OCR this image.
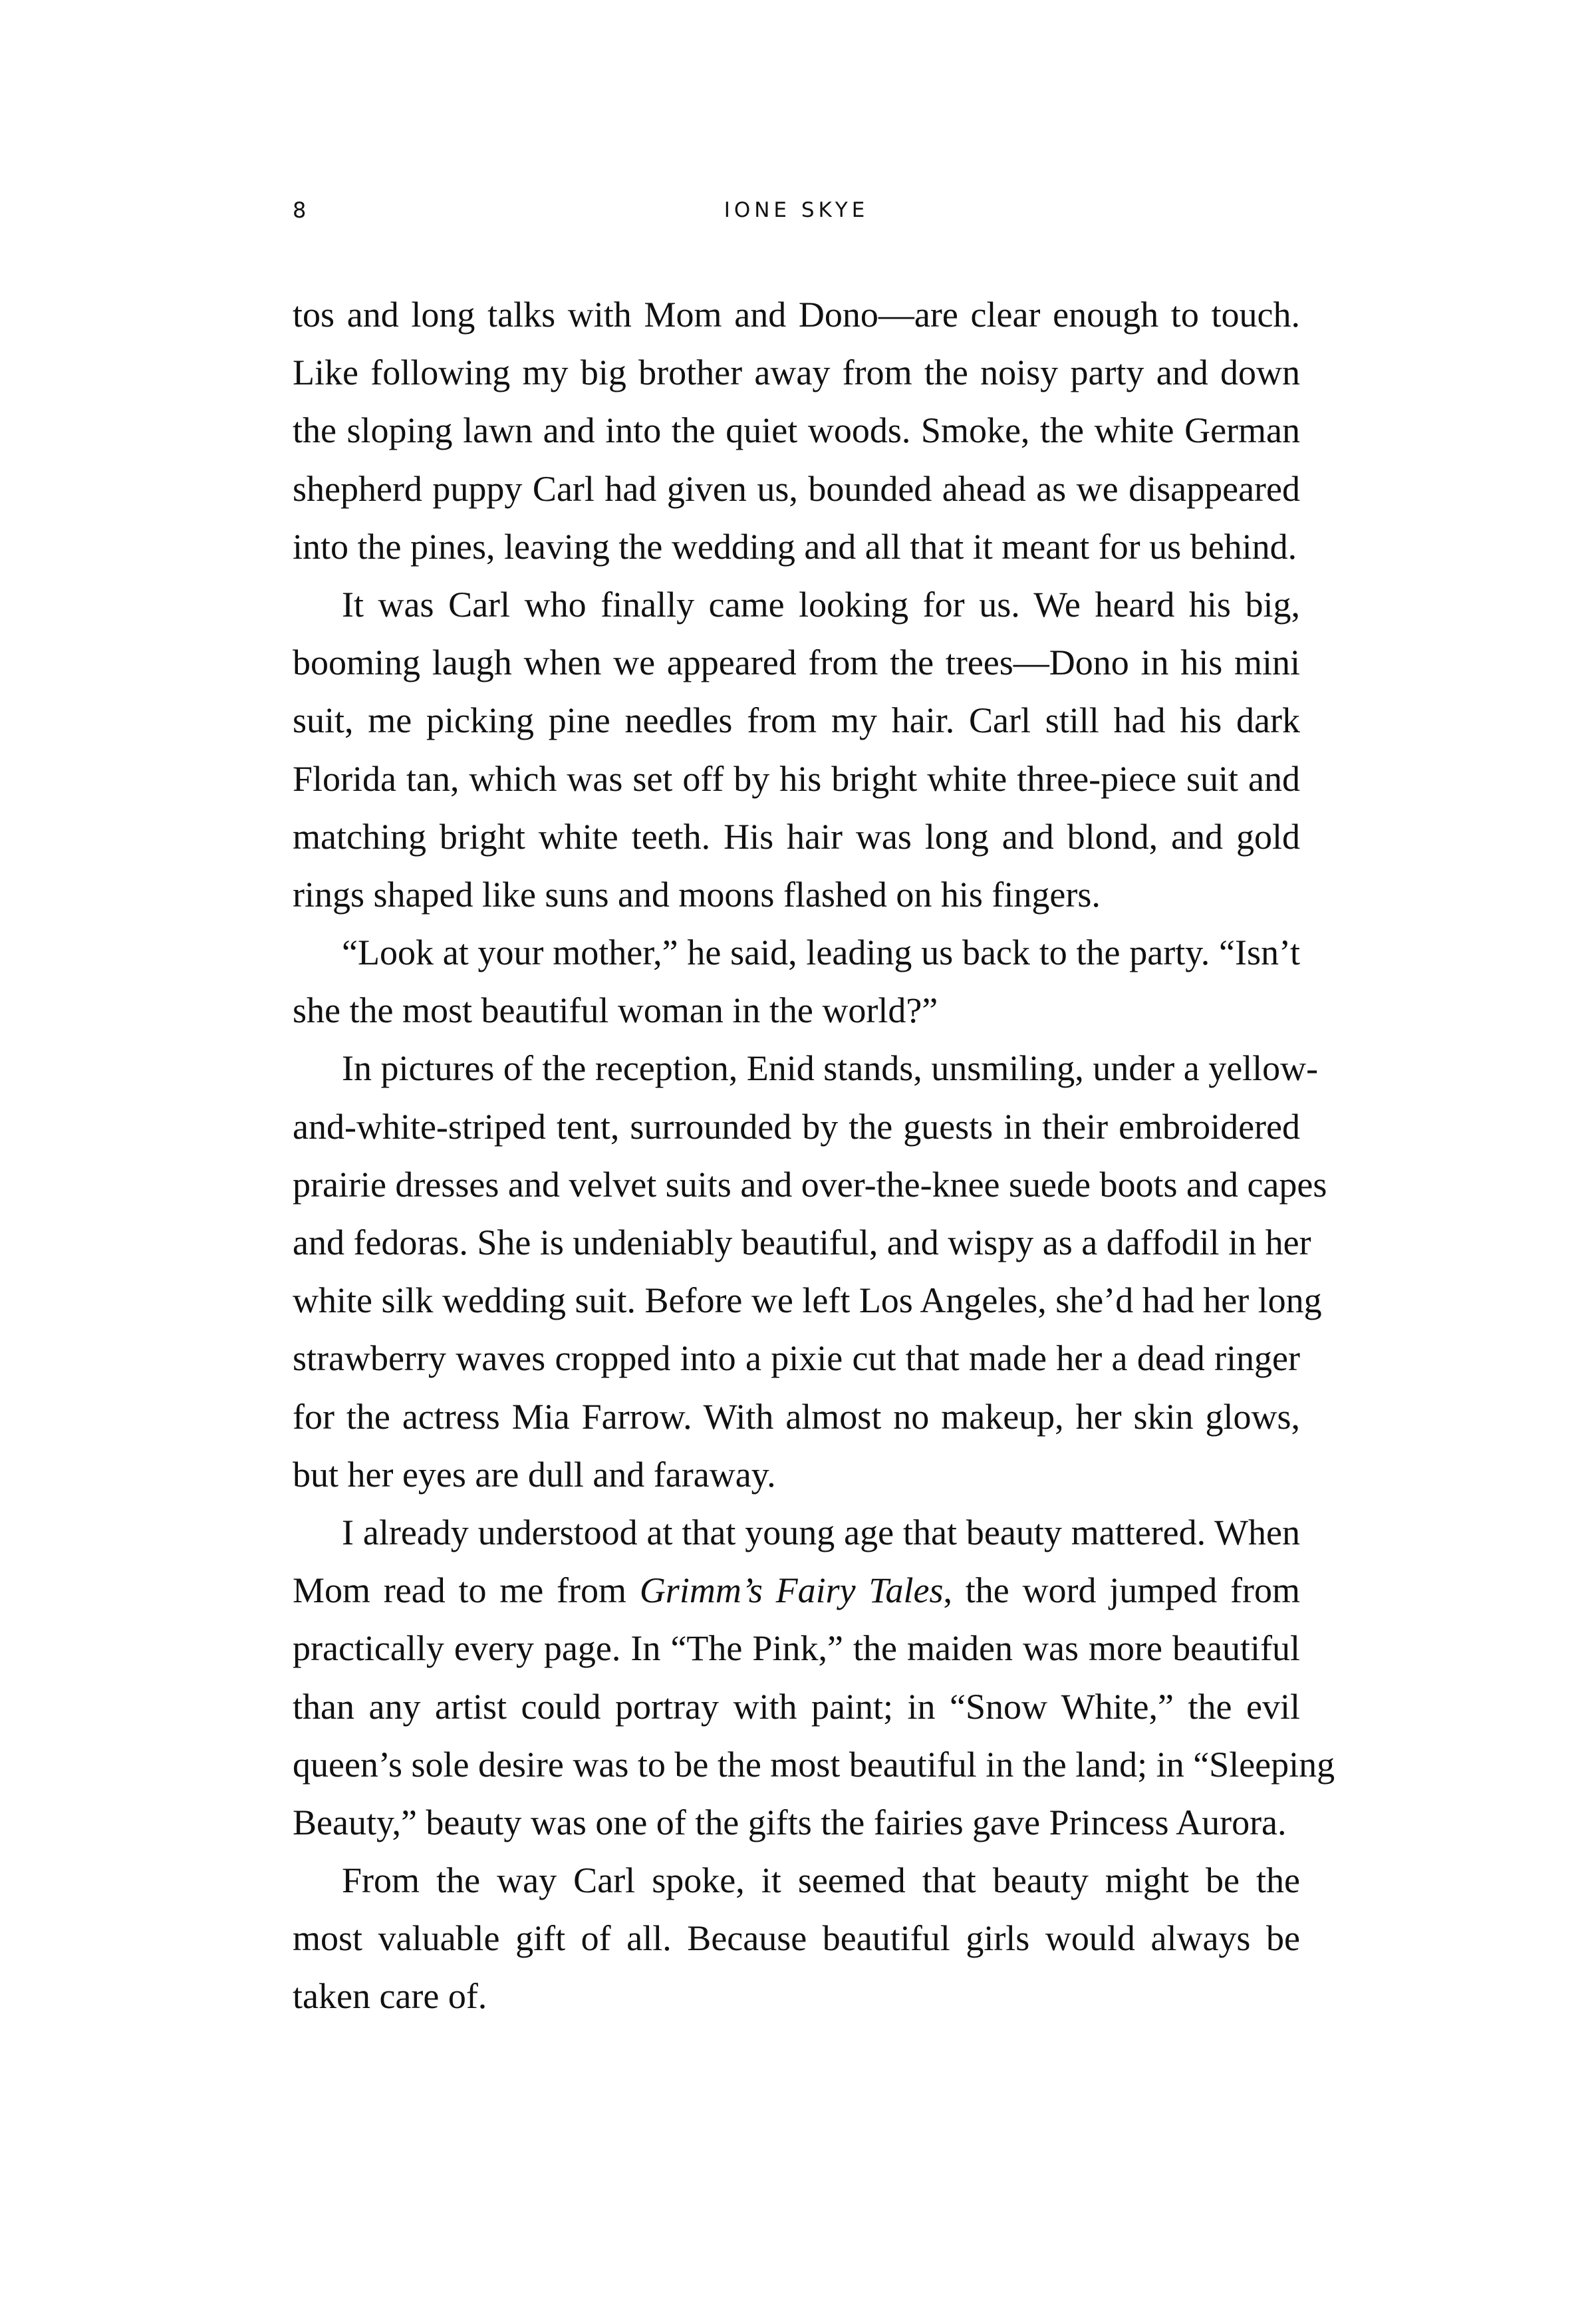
8	IONE SKYE
tos and long talks with Mom and Dono—are clear enough to touch.
Like following my big brother away from the noisy party and down
the sloping lawn and into the quiet woods. Smoke, the white German
shepherd puppy Carl had given us, bounded ahead as we disappeared
into the pines, leaving the wedding and all that it meant for us behind.
It was Carl who finally came looking for us. We heard his big,
booming laugh when we appeared from the trees—Dono in his mini
suit, me picking pine needles from my hair. Carl still had his dark
Florida tan, which was set off by his bright white three-piece suit and
matching bright white teeth. His hair was long and blond, and gold
rings shaped like suns and moons flashed on his fingers.
“Look at your mother,” he said, leading us back to the party. “Isn’t
she the most beautiful woman in the world?”
In pictures of the reception, Enid stands, unsmiling, under a yellow-
and-white-striped tent, surrounded by the guests in their embroidered
prairie dresses and velvet suits and over-the-knee suede boots and capes
and fedoras. She is undeniably beautiful, and wispy as a daffodil in her
white silk wedding suit. Before we left Los Angeles, she’d had her long
strawberry waves cropped into a pixie cut that made her a dead ringer
for the actress Mia Farrow. With almost no makeup, her skin glows,
but her eyes are dull and faraway.
I already understood at that young age that beauty mattered. When
Mom read to me from Grimm’s Fairy Tales, the word jumped from
practically every page. In “The Pink,” the maiden was more beautiful
than any artist could portray with paint; in “Snow White,” the evil
queen’s sole desire was to be the most beautiful in the land; in “Sleeping
Beauty,” beauty was one of the gifts the fairies gave Princess Aurora.
From the way Carl spoke, it seemed that beauty might be the
most valuable gift of all. Because beautiful girls would always be
taken care of.
